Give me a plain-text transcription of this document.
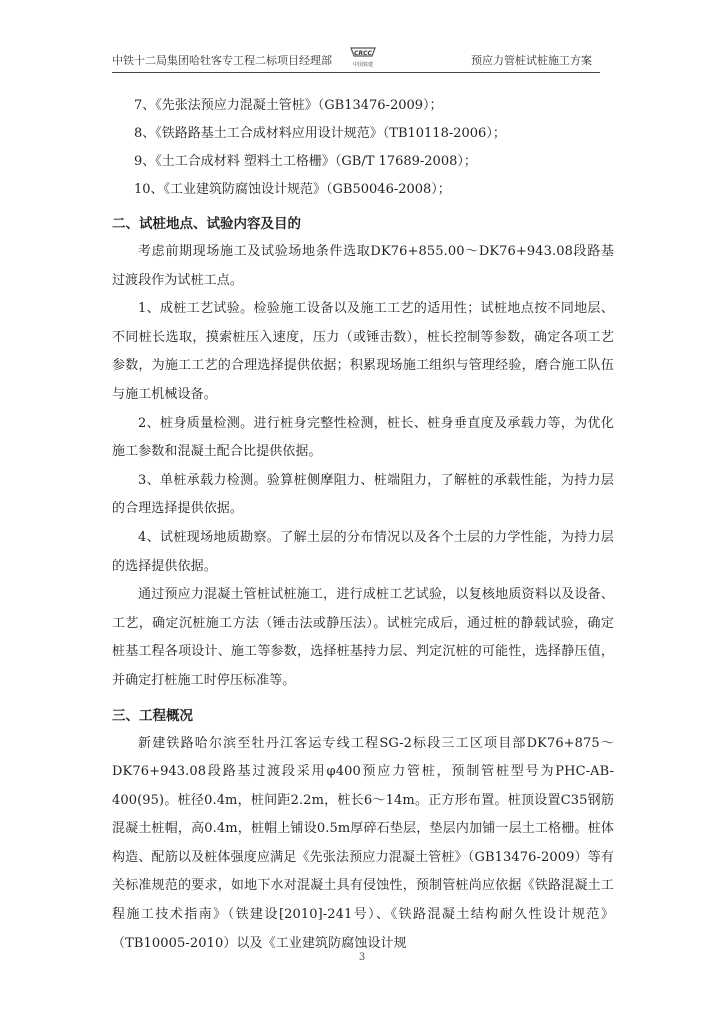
中铁十二局集团哈牡客专工程二标项目经理部
CRCC
中国铁建	预应力管桩试桩施工方案
7、《先张法预应力混凝土管桩》（GB13476-2009）；
8、《铁路路基土工合成材料应用设计规范》（TB10118-2006）；
9、《土工合成材料 塑料土工格栅》（GB/T 17689-2008）；
10、《工业建筑防腐蚀设计规范》（GB50046-2008）；
二、试桩地点、试验内容及目的

考虑前期现场施工及试验场地条件选取DK76+855.00～DK76+943.08段路基过渡段作为试桩工点。

1、成桩工艺试验。检验施工设备以及施工工艺的适用性；试桩地点按不同地层、不同桩长选取，摸索桩压入速度，压力（或锤击数），桩长控制等参数，确定各项工艺参数，为施工工艺的合理选择提供依据；积累现场施工组织与管理经验，磨合施工队伍与施工机械设备。

2、桩身质量检测。进行桩身完整性检测，桩长、桩身垂直度及承载力等，为优化施工参数和混凝土配合比提供依据。

3、单桩承载力检测。验算桩侧摩阻力、桩端阻力，了解桩的承载性能，为持力层的合理选择提供依据。

4、试桩现场地质勘察。了解土层的分布情况以及各个土层的力学性能，为持力层的选择提供依据。

通过预应力混凝土管桩试桩施工，进行成桩工艺试验，以复核地质资料以及设备、工艺，确定沉桩施工方法（锤击法或静压法）。试桩完成后，通过桩的静载试验，确定桩基工程各项设计、施工等参数，选择桩基持力层、判定沉桩的可能性，选择静压值，并确定打桩施工时停压标准等。

三、工程概况

新建铁路哈尔滨至牡丹江客运专线工程SG-2标段三工区项目部DK76+875～DK76+943.08段路基过渡段采用φ400预应力管桩，预制管桩型号为PHC-AB-400(95)。桩径0.4m，桩间距2.2m，桩长6～14m。正方形布置。桩顶设置C35钢筋混凝土桩帽，高0.4m，桩帽上铺设0.5m厚碎石垫层，垫层内加铺一层土工格栅。桩体构造、配筋以及桩体强度应满足《先张法预应力混凝土管桩》（GB13476-2009）等有关标准规范的要求，如地下水对混凝土具有侵蚀性，预制管桩尚应依据《铁路混凝土工程施工技术指南》（铁建设[2010]-241号）、《铁路混凝土结构耐久性设计规范》（TB10005-2010）以及《工业建筑防腐蚀设计规

3
